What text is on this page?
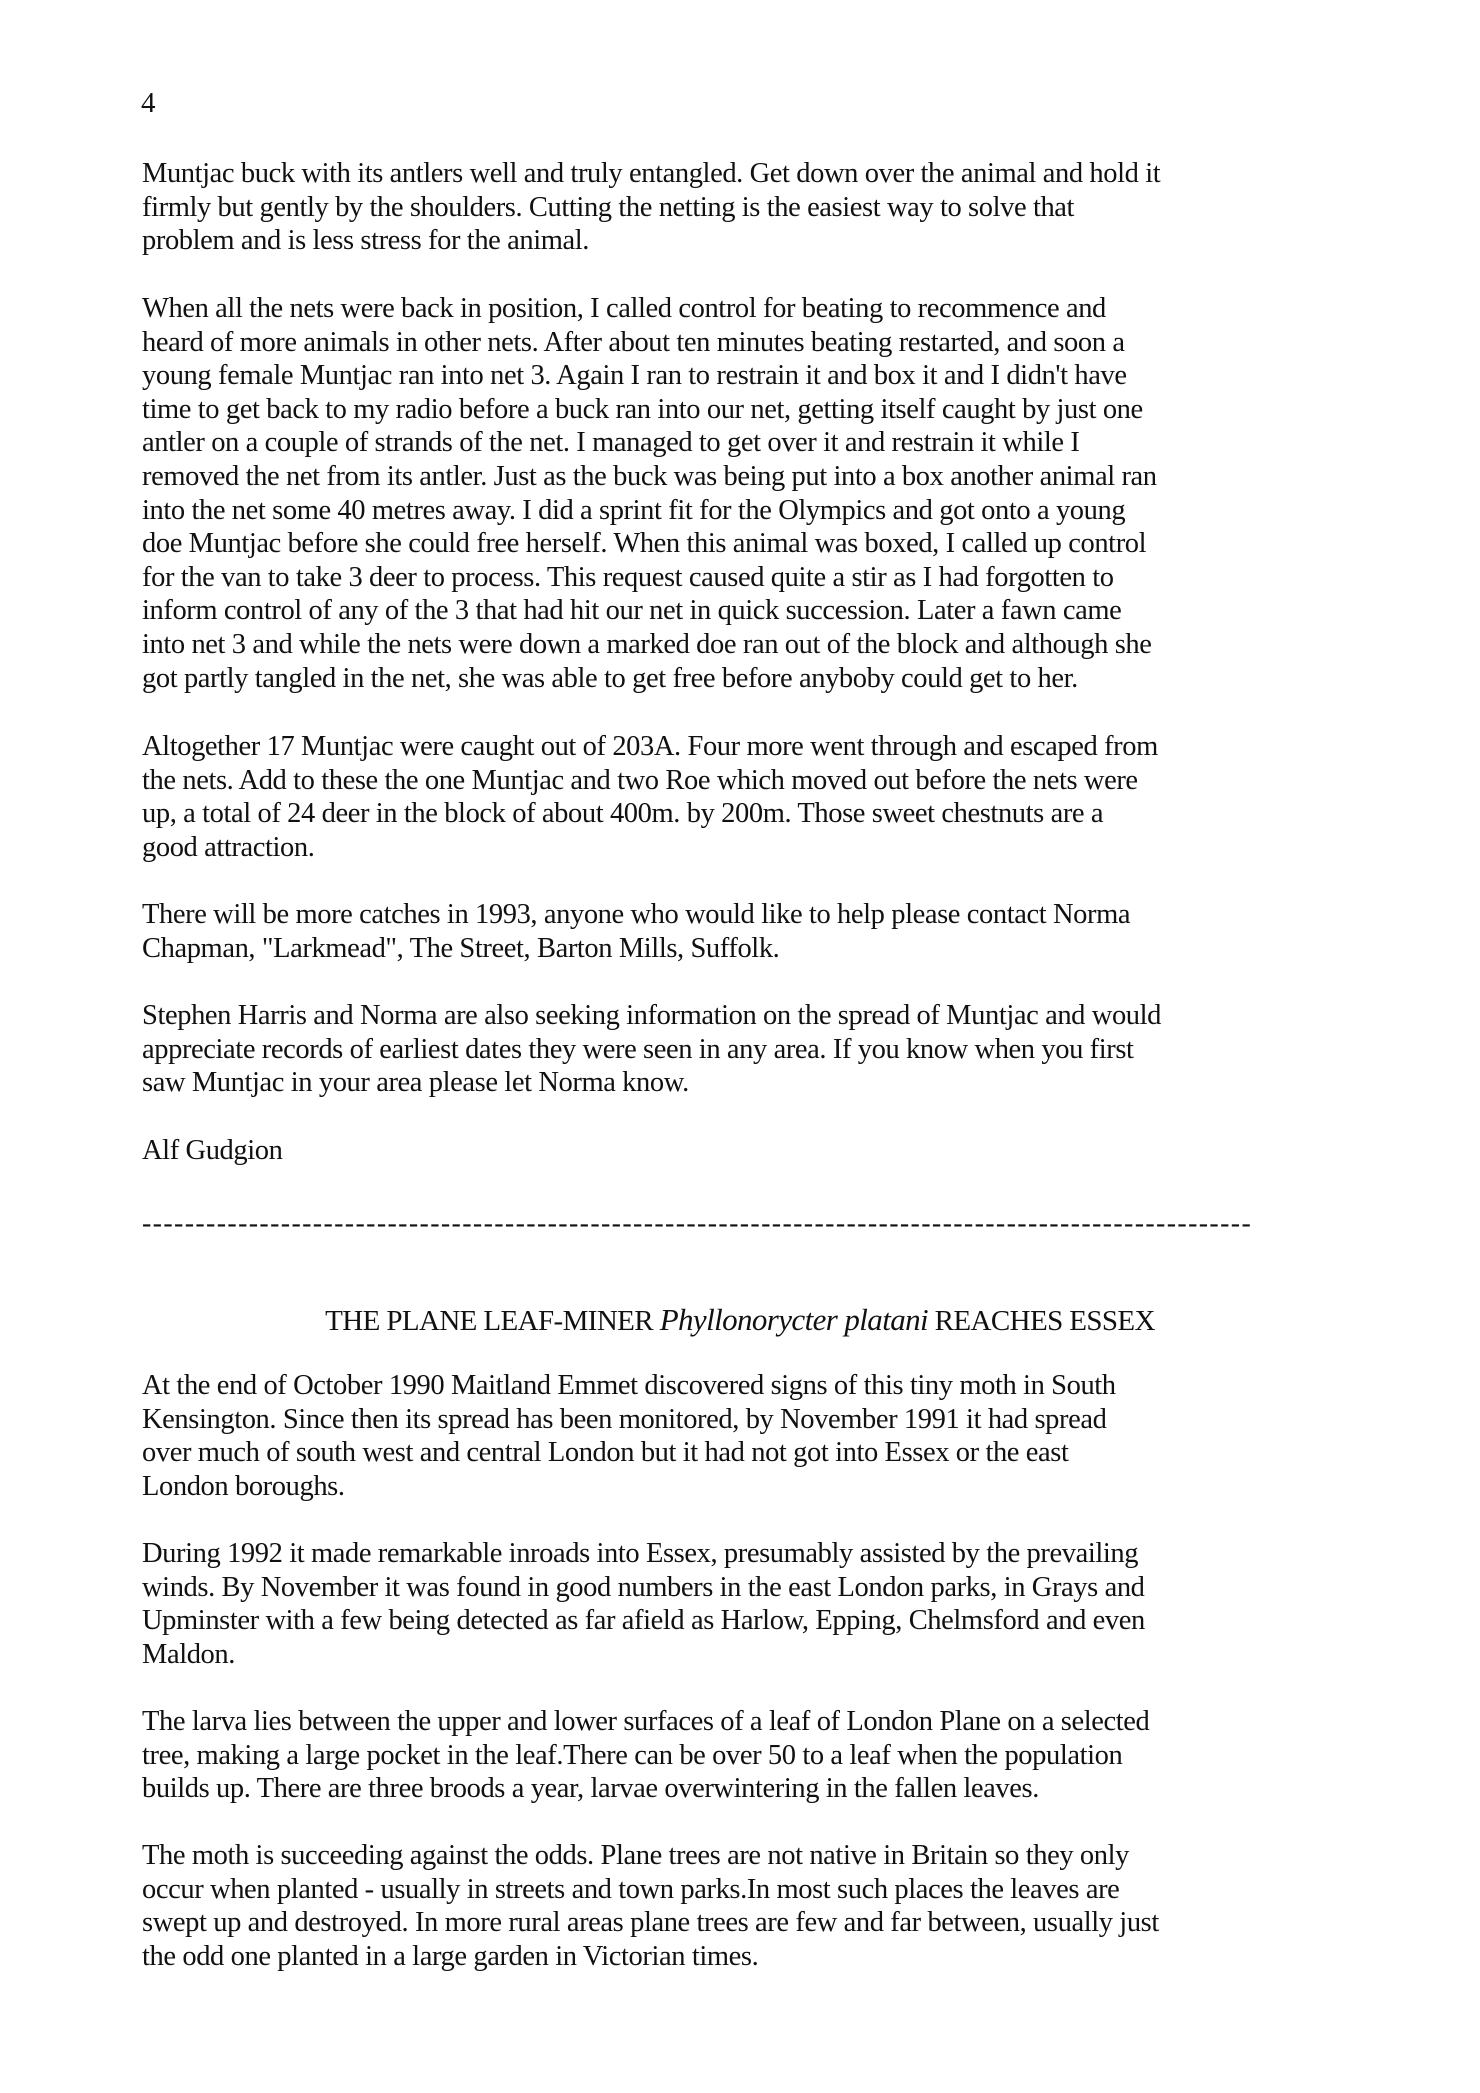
4

Muntjac buck with its antlers well and truly entangled. Get down over the animal and hold it
firmly but gently by the shoulders. Cutting the netting is the easiest way to solve that
problem and is less stress for the animal.

When all the nets were back in position, I called control for beating to recommence and
heard of more animals in other nets. After about ten minutes beating restarted, and soon a
young female Muntjac ran into net 3. Again I ran to restrain it and box it and I didn't have
time to get back to my radio before a buck ran into our net, getting itself caught by just one
antler on a couple of strands of the net. I managed to get over it and restrain it while I
removed the net from its antler. Just as the buck was being put into a box another animal ran
into the net some 40 metres away. I did a sprint fit for the Olympics and got onto a young
doe Muntjac before she could free herself. When this animal was boxed, I called up control
for the van to take 3 deer to process. This request caused quite a stir as I had forgotten to
inform control of any of the 3 that had hit our net in quick succession. Later a fawn came
into net 3 and while the nets were down a marked doe ran out of the block and although she
got partly tangled in the net, she was able to get free before anyboby could get to her.

Altogether 17 Muntjac were caught out of 203A. Four more went through and escaped from
the nets. Add to these the one Muntjac and two Roe which moved out before the nets were
up, a total of 24 deer in the block of about 400m. by 200m. Those sweet chestnuts are a
good attraction.

There will be more catches in 1993, anyone who would like to help please contact Norma
Chapman, "Larkmead", The Street, Barton Mills, Suffolk.

Stephen Harris and Norma are also seeking information on the spread of Muntjac and would
appreciate records of earliest dates they were seen in any area. If you know when you first
saw Muntjac in your area please let Norma know.

Alf Gudgion

--------------------------------------------------------------------------------------------------------
THE PLANE LEAF-MINER Phyllonorycter platani REACHES ESSEX

At the end of October 1990 Maitland Emmet discovered signs of this tiny moth in South
Kensington. Since then its spread has been monitored, by November 1991 it had spread
over much of south west and central London but it had not got into Essex or the east
London boroughs.

During 1992 it made remarkable inroads into Essex, presumably assisted by the prevailing
winds. By November it was found in good numbers in the east London parks, in Grays and
Upminster with a few being detected as far afield as Harlow, Epping, Chelmsford and even
Maldon.

The larva lies between the upper and lower surfaces of a leaf of London Plane on a selected
tree, making a large pocket in the leaf.There can be over 50 to a leaf when the population
builds up. There are three broods a year, larvae overwintering in the fallen leaves.

The moth is succeeding against the odds. Plane trees are not native in Britain so they only
occur when planted - usually in streets and town parks.In most such places the leaves are
swept up and destroyed. In more rural areas plane trees are few and far between, usually just
the odd one planted in a large garden in Victorian times.
